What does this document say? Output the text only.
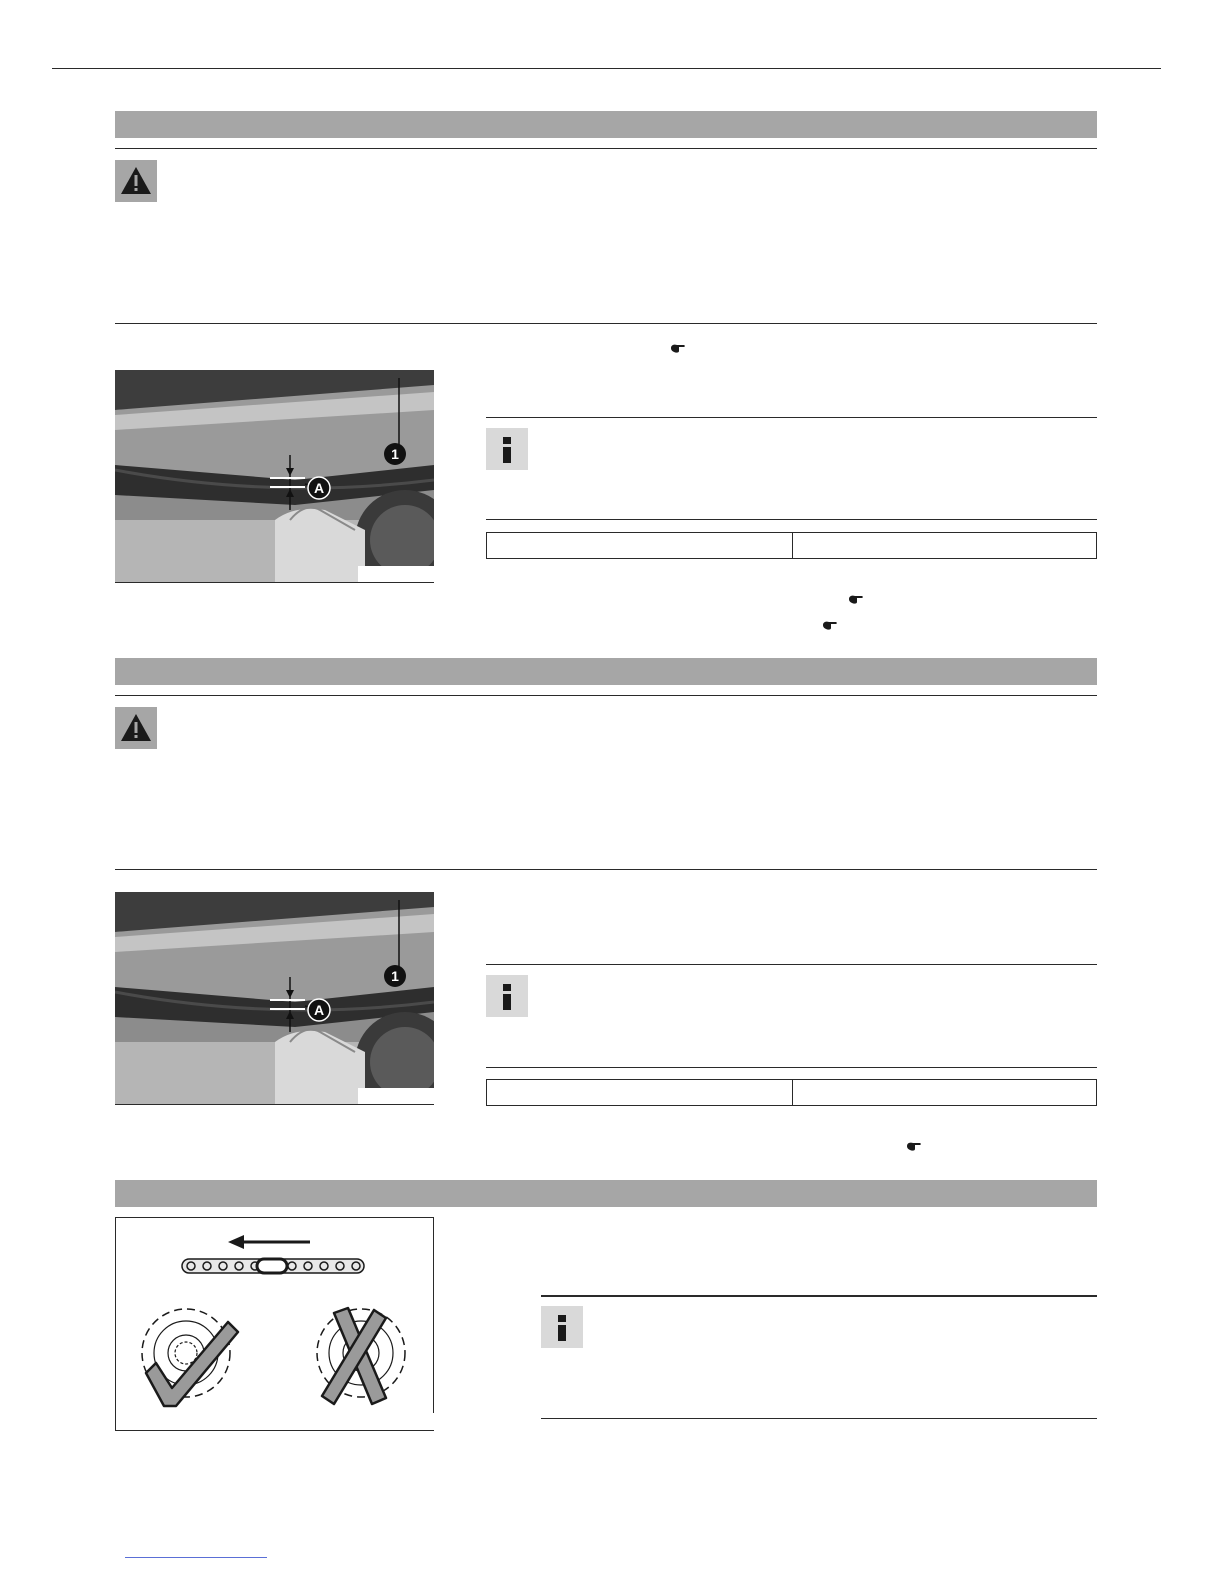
1
A
1
A
